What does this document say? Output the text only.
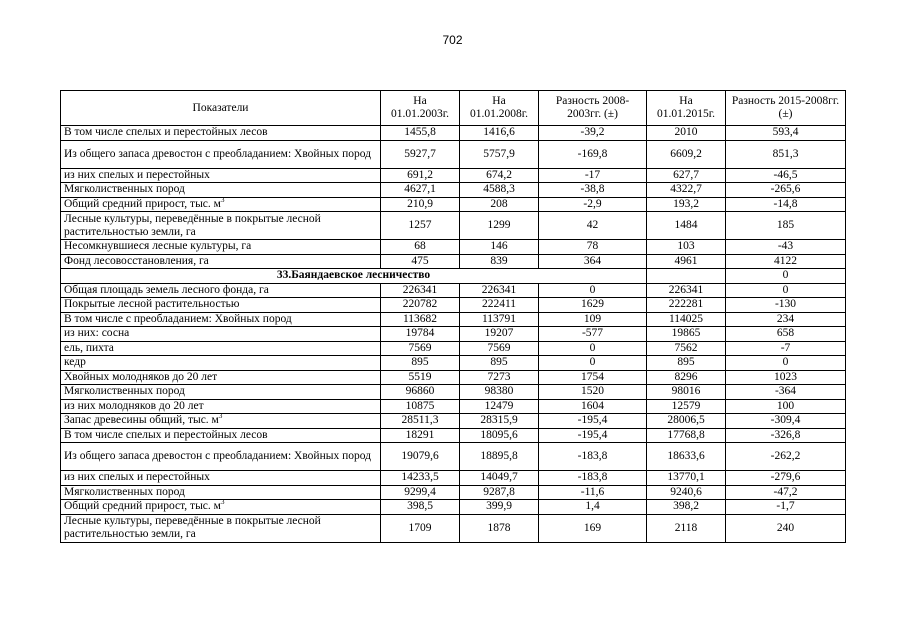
702
Показатели	На 01.01.2003г.	На 01.01.2008г.	Разность 2008-2003гг. (±)	На 01.01.2015г.	Разность 2015-2008гг. (±)
В том числе спелых и перестойных лесов	1455,8	1416,6	-39,2	2010	593,4
Из общего запаса древостон с преобладанием: Хвойных пород	5927,7	5757,9	-169,8	6609,2	851,3
из них спелых и перестойных	691,2	674,2	-17	627,7	-46,5
Мягколиственных пород	4627,1	4588,3	-38,8	4322,7	-265,6
Общий средний прирост, тыс. $м^3$	210,9	208	-2,9	193,2	-14,8
Лесные культуры, переведённые в покрытые лесной растительностью земли, га	1257	1299	42	1484	185
Несомкнувшиеся лесные культуры, га	68	146	78	103	-43
Фонд лесовосстановления, га	475	839	364	4961	4122
33.Баяндаевское лесничество					0
Общая площадь земель лесного фонда, га	226341	226341	0	226341	0
Покрытые лесной растительностью	220782	222411	1629	222281	-130
В том числе с преобладанием: Хвойных пород	113682	113791	109	114025	234
из них: сосна	19784	19207	-577	19865	658
ель, пихта	7569	7569	0	7562	-7
кедр	895	895	0	895	0
Хвойных молодняков до 20 лет	5519	7273	1754	8296	1023
Мягколиственных пород	96860	98380	1520	98016	-364
из них молодняков до 20 лет	10875	12479	1604	12579	100
Запас древесины общий, тыс. $м^3$	28511,3	28315,9	-195,4	28006,5	-309,4
В том числе спелых и перестойных лесов	18291	18095,6	-195,4	17768,8	-326,8
Из общего запаса древостон с преобладанием: Хвойных пород	19079,6	18895,8	-183,8	18633,6	-262,2
из них спелых и перестойных	14233,5	14049,7	-183,8	13770,1	-279,6
Мягколиственных пород	9299,4	9287,8	-11,6	9240,6	-47,2
Общий средний прирост, тыс. $м^3$	398,5	399,9	1,4	398,2	-1,7
Лесные культуры, переведённые в покрытые лесной растительностью земли, га	1709	1878	169	2118	240
